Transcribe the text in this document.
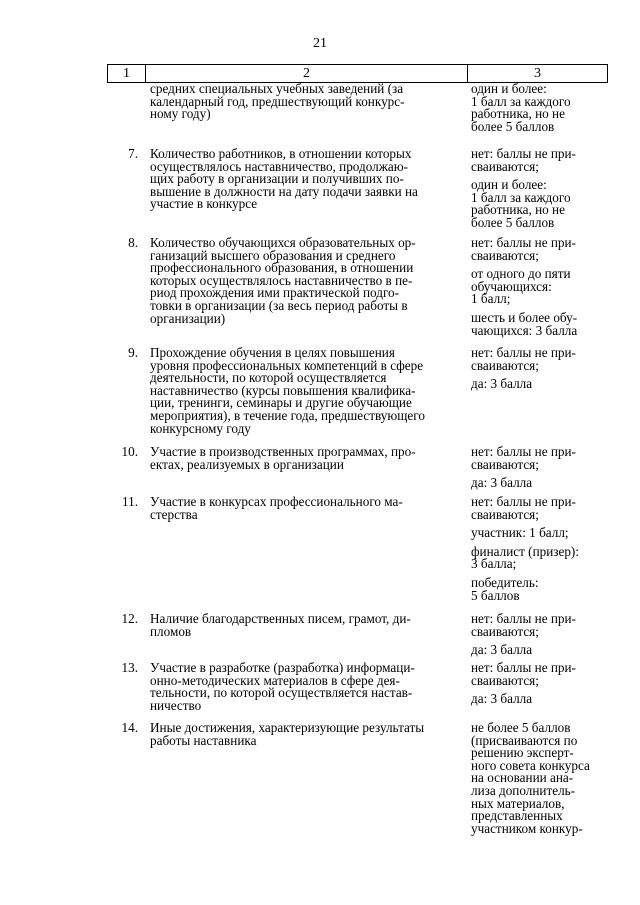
21
1	2	3
средних специальных учебных заведений (за
календарный год, предшествующий конкурс-
ному году)

один и более:
1 балл за каждого
работника, но не
более 5 баллов

7. Количество работников, в отношении которых
осуществлялось наставничество, продолжаю-
щих работу в организации и получивших по-
вышение в должности на дату подачи заявки на
участие в конкурсе

нет: баллы не при-
сваиваются;

один и более:
1 балл за каждого
работника, но не
более 5 баллов

8. Количество обучающихся образовательных ор-
ганизаций высшего образования и среднего
профессионального образования, в отношении
которых осуществлялось наставничество в пе-
риод прохождения ими практической подго-
товки в организации (за весь период работы в
организации)

нет: баллы не при-
сваиваются;

от одного до пяти
обучающихся:
1 балл;

шесть и более обу-
чающихся: 3 балла

9. Прохождение обучения в целях повышения
уровня профессиональных компетенций в сфере
деятельности, по которой осуществляется
наставничество (курсы повышения квалифика-
ции, тренинги, семинары и другие обучающие
мероприятия), в течение года, предшествующего
конкурсному году

нет: баллы не при-
сваиваются;

да: 3 балла

10. Участие в производственных программах, про-
ектах, реализуемых в организации

нет: баллы не при-
сваиваются;

да: 3 балла

11. Участие в конкурсах профессионального ма-
стерства

нет: баллы не при-
сваиваются;

участник: 1 балл;

финалист (призер):
3 балла;

победитель:
5 баллов

12. Наличие благодарственных писем, грамот, ди-
пломов

нет: баллы не при-
сваиваются;

да: 3 балла

13. Участие в разработке (разработка) информаци-
онно-методических материалов в сфере дея-
тельности, по которой осуществляется настав-
ничество

нет: баллы не при-
сваиваются;

да: 3 балла

14. Иные достижения, характеризующие результаты
работы наставника

не более 5 баллов
(присваиваются по
решению эксперт-
ного совета конкурса
на основании ана-
лиза дополнитель-
ных материалов,
представленных
участником конкур-
